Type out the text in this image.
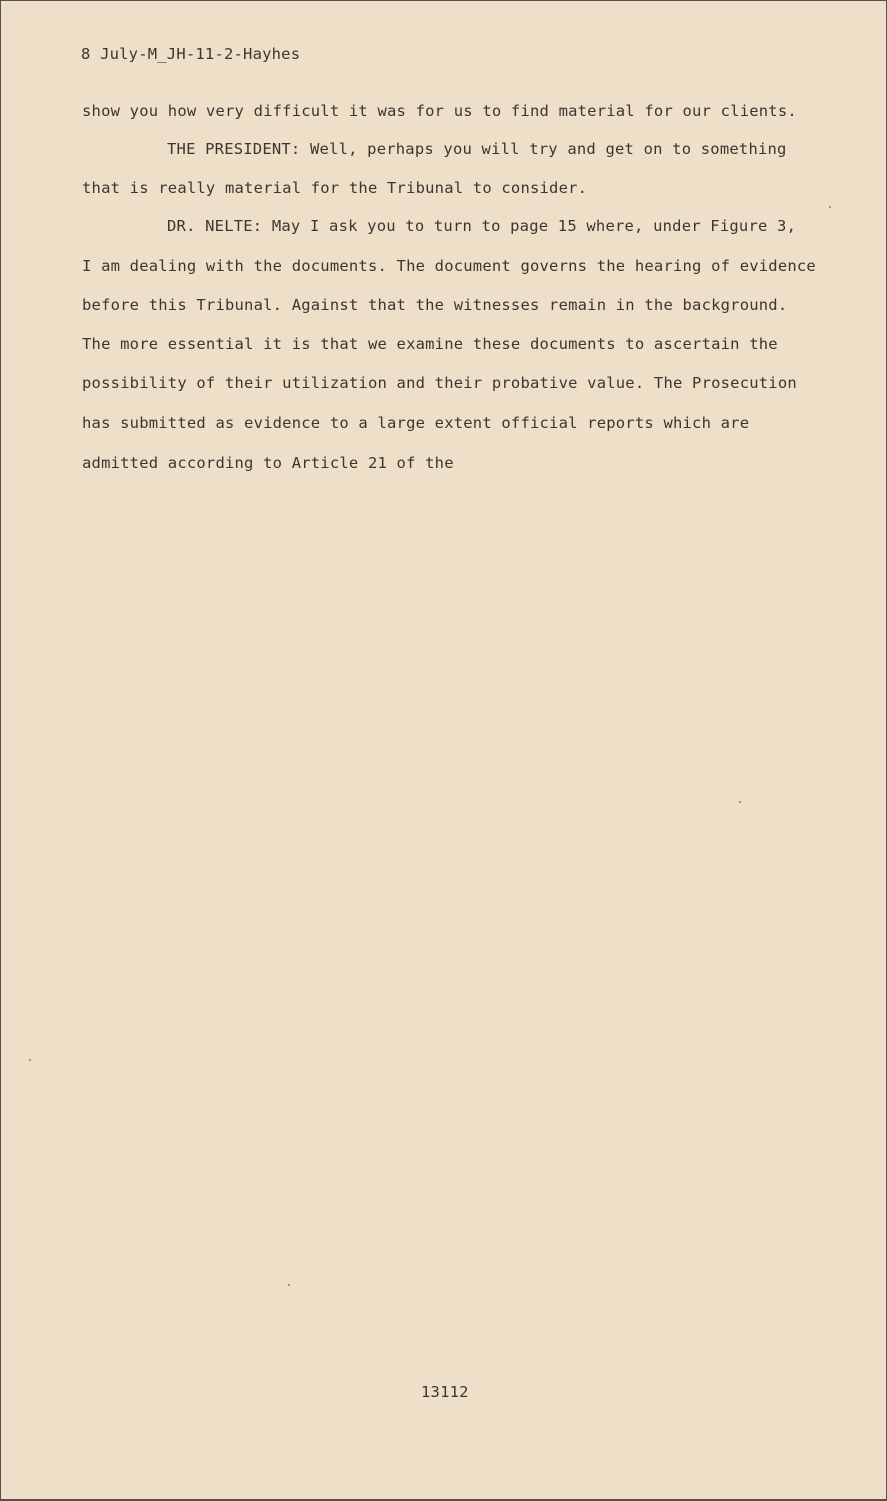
8 July-M_JH-11-2-Hayhes
show you how very difficult it was for us to find material for our clients.
THE PRESIDENT: Well, perhaps you will try and get on to something
that is really material for the Tribunal to consider.
DR. NELTE: May I ask you to turn to page 15 where, under Figure 3,
I am dealing with the documents. The document governs the hearing of evidence
before this Tribunal. Against that the witnesses remain in the background.
The more essential it is that we examine these documents to ascertain the
possibility of their utilization and their probative value. The Prosecution
has submitted as evidence to a large extent official reports which are
admitted according to Article 21 of the
13112
